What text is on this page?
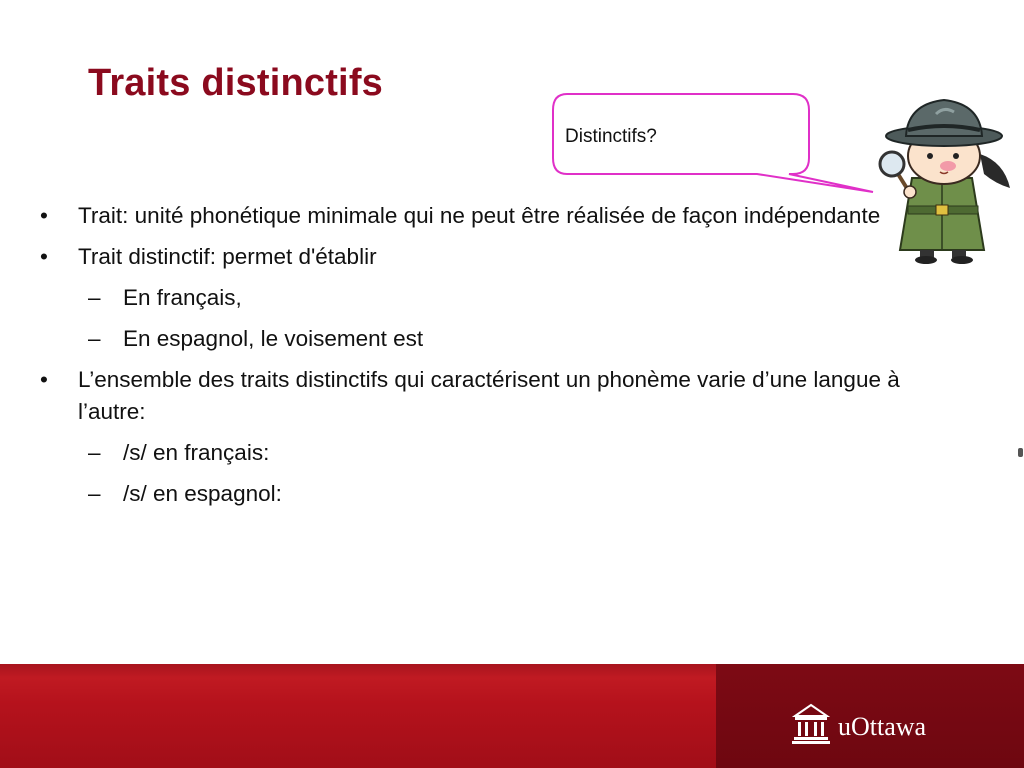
Traits distinctifs
Distinctifs?
•	Trait: unité phonétique minimale qui ne peut être réalisée de façon indépendante
•	Trait distinctif: permet d'établir
– En français,
– En espagnol, le voisement est
•	L’ensemble des traits distinctifs qui caractérisent un phonème varie d’une langue à l’autre:
– /s/ en français:
– /s/ en espagnol:
uOttawa
